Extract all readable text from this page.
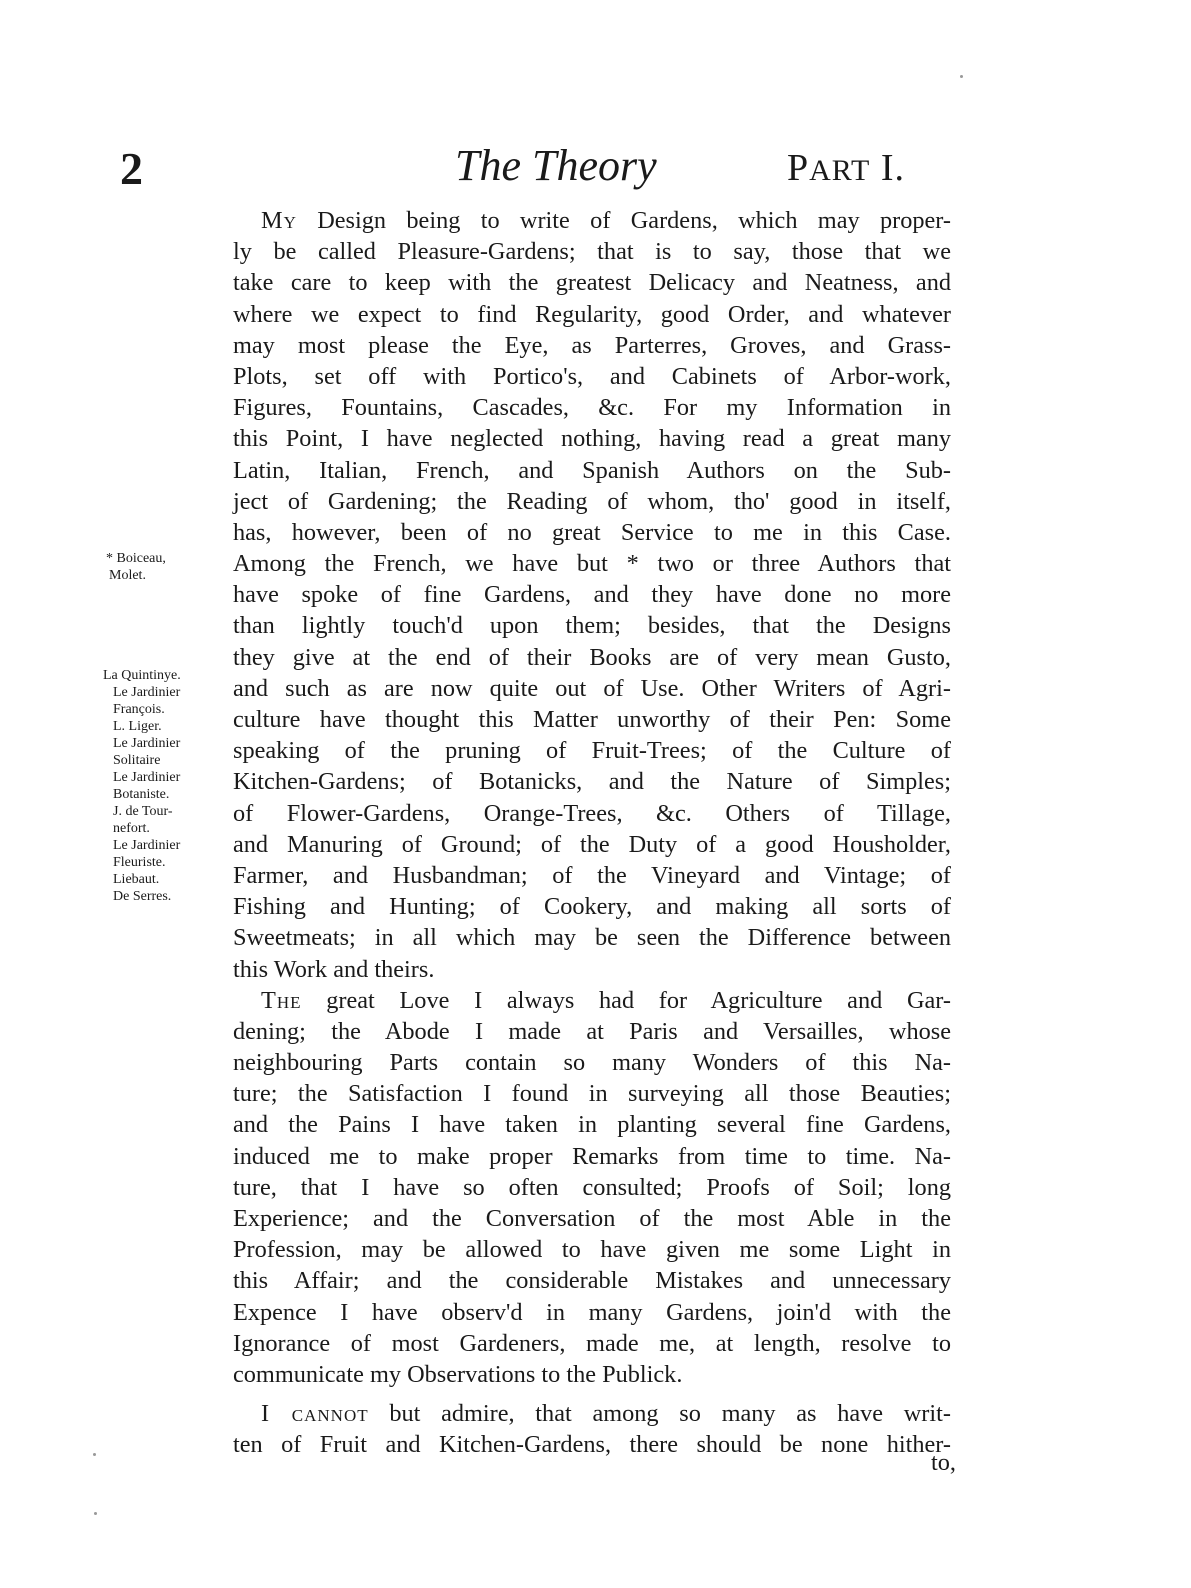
2	The Theory	PART I.
* Boiceau,
Molet.
La Quintinye.
Le Jardinier
François.
L. Liger.
Le Jardinier
Solitaire
Le Jardinier
Botaniste.
J. de Tour-
nefort.
Le Jardinier
Fleuriste.
Liebaut.
De Serres.
My Design being to write of Gardens, which may proper-
ly be called Pleasure-Gardens; that is to say, those that we
take care to keep with the greatest Delicacy and Neatness, and
where we expect to find Regularity, good Order, and whatever
may most please the Eye, as Parterres, Groves, and Grass-
Plots, set off with Portico's, and Cabinets of Arbor-work,
Figures, Fountains, Cascades, &c. For my Information in
this Point, I have neglected nothing, having read a great many
Latin, Italian, French, and Spanish Authors on the Sub-
ject of Gardening; the Reading of whom, tho' good in itself,
has, however, been of no great Service to me in this Case.
Among the French, we have but * two or three Authors that
have spoke of fine Gardens, and they have done no more
than lightly touch'd upon them; besides, that the Designs
they give at the end of their Books are of very mean Gusto,
and such as are now quite out of Use. Other Writers of Agri-
culture have thought this Matter unworthy of their Pen: Some
speaking of the pruning of Fruit-Trees; of the Culture of
Kitchen-Gardens; of Botanicks, and the Nature of Simples;
of Flower-Gardens, Orange-Trees, &c. Others of Tillage,
and Manuring of Ground; of the Duty of a good Housholder,
Farmer, and Husbandman; of the Vineyard and Vintage; of
Fishing and Hunting; of Cookery, and making all sorts of
Sweetmeats; in all which may be seen the Difference between
this Work and theirs.
The great Love I always had for Agriculture and Gar-
dening; the Abode I made at Paris and Versailles, whose
neighbouring Parts contain so many Wonders of this Na-
ture; the Satisfaction I found in surveying all those Beauties;
and the Pains I have taken in planting several fine Gardens,
induced me to make proper Remarks from time to time. Na-
ture, that I have so often consulted; Proofs of Soil; long
Experience; and the Conversation of the most Able in the
Profession, may be allowed to have given me some Light in
this Affair; and the considerable Mistakes and unnecessary
Expence I have observ'd in many Gardens, join'd with the
Ignorance of most Gardeners, made me, at length, resolve to
communicate my Observations to the Publick.
I cannot but admire, that among so many as have writ-
ten of Fruit and Kitchen-Gardens, there should be none hither-
to,
